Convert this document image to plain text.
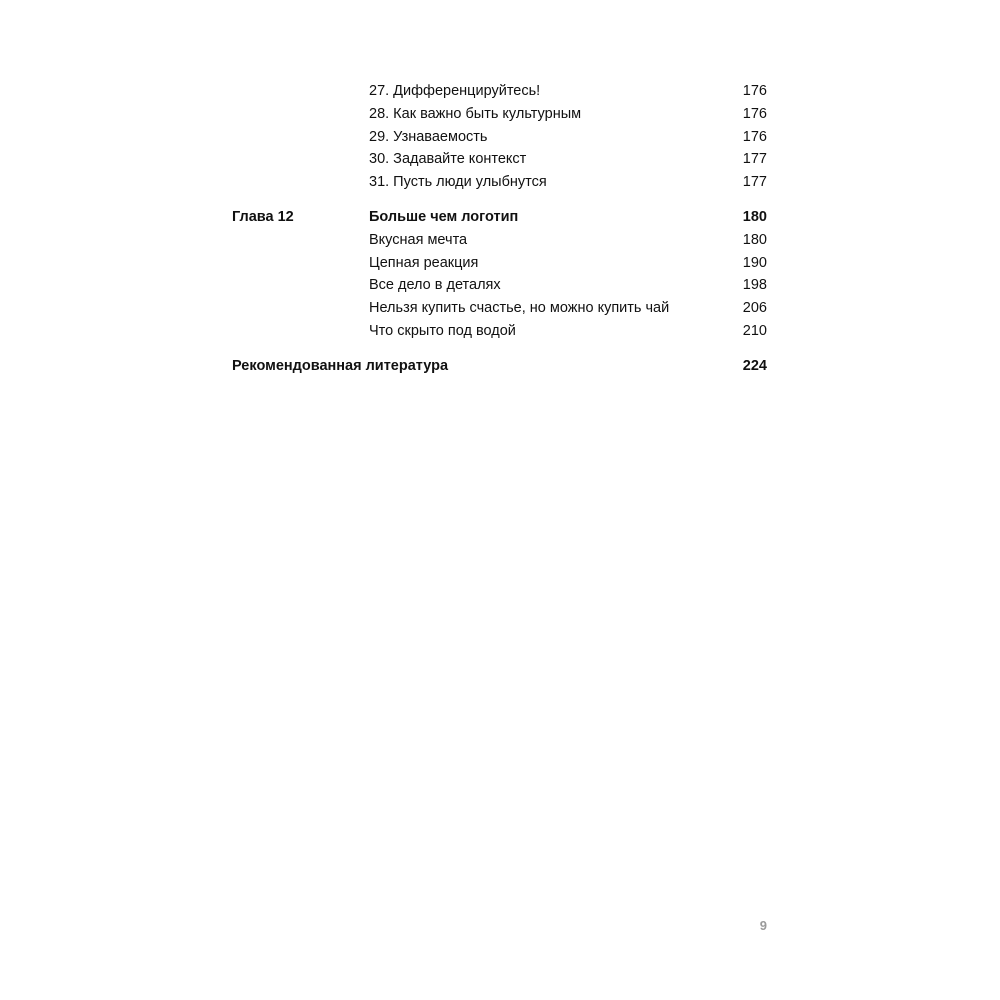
27. Дифференцируйтесь!	176
28. Как важно быть культурным	176
29. Узнаваемость	176
30. Задавайте контекст	177
31. Пусть люди улыбнутся	177
Глава 12	Больше чем логотип	180
Вкусная мечта	180
Цепная реакция	190
Все дело в деталях	198
Нельзя купить счастье, но можно купить чай	206
Что скрыто под водой	210
Рекомендованная литература	224
9
